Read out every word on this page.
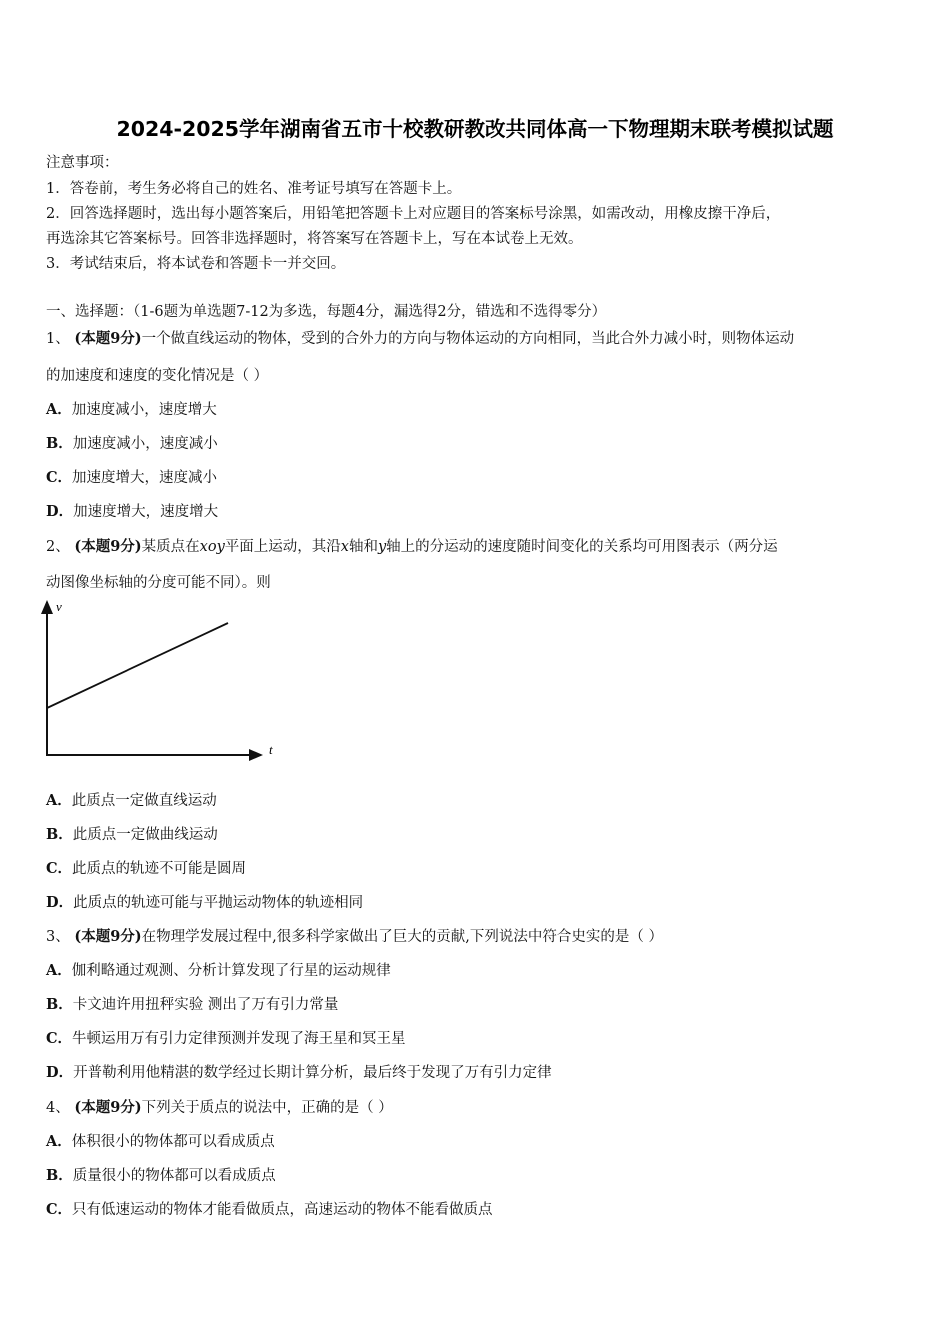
2024-2025学年湖南省五市十校教研教改共同体高一下物理期末联考模拟试题
注意事项：
1．答卷前，考生务必将自己的姓名、准考证号填写在答题卡上。
2．回答选择题时，选出每小题答案后，用铅笔把答题卡上对应题目的答案标号涂黑，如需改动，用橡皮擦干净后，
再选涂其它答案标号。回答非选择题时，将答案写在答题卡上，写在本试卷上无效。
3．考试结束后，将本试卷和答题卡一并交回。
一、选择题：（1-6题为单选题7-12为多选，每题4分，漏选得2分，错选和不选得零分）
1、 (本题9分)一个做直线运动的物体，受到的合外力的方向与物体运动的方向相同，当此合外力减小时，则物体运动
的加速度和速度的变化情况是（ ）
A．加速度减小，速度增大
B．加速度减小，速度减小
C．加速度增大，速度减小
D．加速度增大，速度增大
2、 (本题9分)某质点在xoy平面上运动，其沿x轴和y轴上的分运动的速度随时间变化的关系均可用图表示（两分运
动图像坐标轴的分度可能不同）。则
v
t
A．此质点一定做直线运动
B．此质点一定做曲线运动
C．此质点的轨迹不可能是圆周
D．此质点的轨迹可能与平抛运动物体的轨迹相同
3、 (本题9分)在物理学发展过程中,很多科学家做出了巨大的贡献,下列说法中符合史实的是（ ）
A．伽利略通过观测、分析计算发现了行星的运动规律
B．卡文迪许用扭秤实验 测出了万有引力常量
C．牛顿运用万有引力定律预测并发现了海王星和冥王星
D．开普勒利用他精湛的数学经过长期计算分析，最后终于发现了万有引力定律
4、 (本题9分)下列关于质点的说法中，正确的是（ ）
A．体积很小的物体都可以看成质点
B．质量很小的物体都可以看成质点
C．只有低速运动的物体才能看做质点，高速运动的物体不能看做质点
